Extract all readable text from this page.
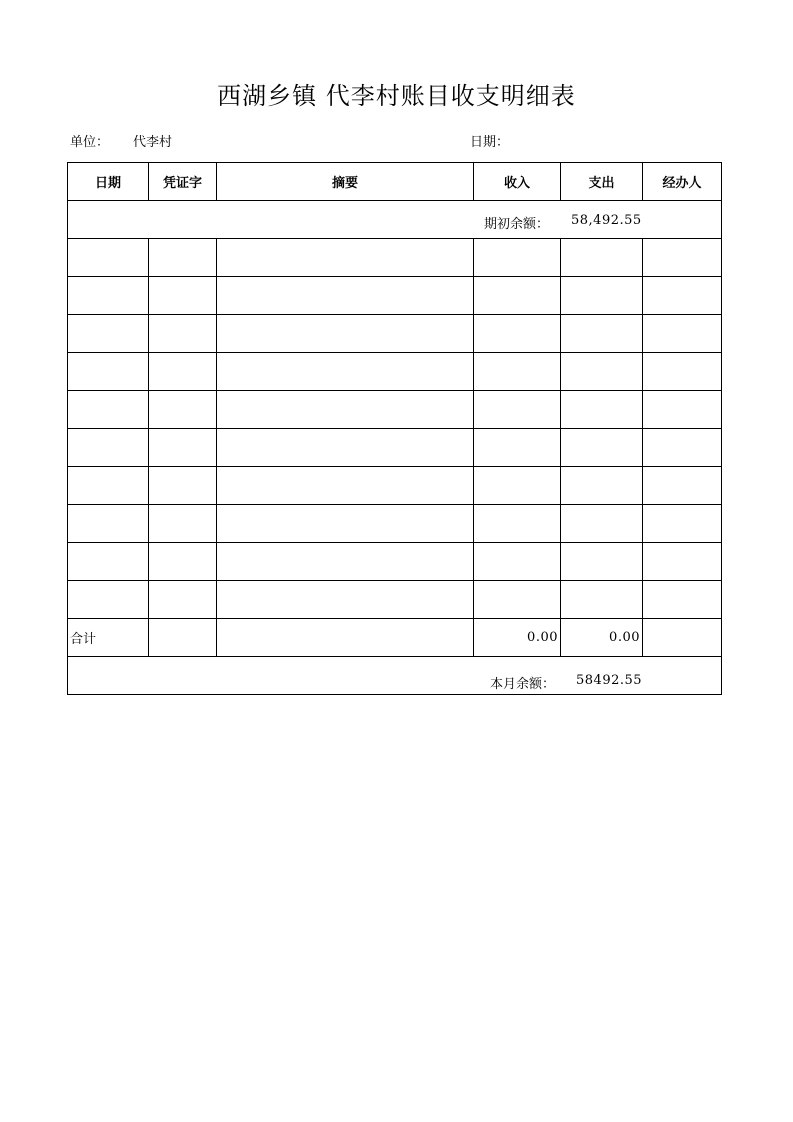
西湖乡镇 代李村账目收支明细表
单位： 代李村	日期：
日期	凭证字	摘要	收入	支出	经办人

期初余额： 58,492.55					

合计			0.00	0.00	

本月余额： 58492.55					
